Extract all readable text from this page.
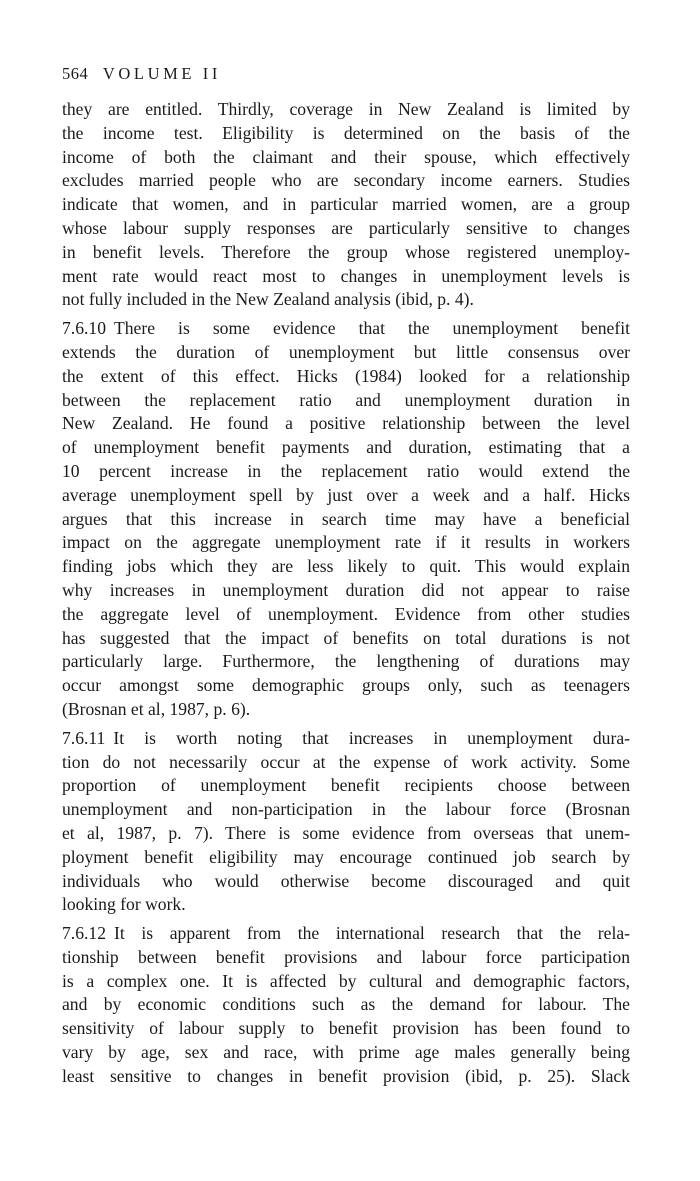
564 VOLUME II
they are entitled. Thirdly, coverage in New Zealand is limited by
the income test. Eligibility is determined on the basis of the
income of both the claimant and their spouse, which effectively
excludes married people who are secondary income earners. Studies
indicate that women, and in particular married women, are a group
whose labour supply responses are particularly sensitive to changes
in benefit levels. Therefore the group whose registered unemploy-
ment rate would react most to changes in unemployment levels is
not fully included in the New Zealand analysis (ibid, p. 4).
7.6.10 There is some evidence that the unemployment benefit
extends the duration of unemployment but little consensus over
the extent of this effect. Hicks (1984) looked for a relationship
between the replacement ratio and unemployment duration in
New Zealand. He found a positive relationship between the level
of unemployment benefit payments and duration, estimating that a
10 percent increase in the replacement ratio would extend the
average unemployment spell by just over a week and a half. Hicks
argues that this increase in search time may have a beneficial
impact on the aggregate unemployment rate if it results in workers
finding jobs which they are less likely to quit. This would explain
why increases in unemployment duration did not appear to raise
the aggregate level of unemployment. Evidence from other studies
has suggested that the impact of benefits on total durations is not
particularly large. Furthermore, the lengthening of durations may
occur amongst some demographic groups only, such as teenagers
(Brosnan et al, 1987, p. 6).
7.6.11 It is worth noting that increases in unemployment dura-
tion do not necessarily occur at the expense of work activity. Some
proportion of unemployment benefit recipients choose between
unemployment and non-participation in the labour force (Brosnan
et al, 1987, p. 7). There is some evidence from overseas that unem-
ployment benefit eligibility may encourage continued job search by
individuals who would otherwise become discouraged and quit
looking for work.
7.6.12 It is apparent from the international research that the rela-
tionship between benefit provisions and labour force participation
is a complex one. It is affected by cultural and demographic factors,
and by economic conditions such as the demand for labour. The
sensitivity of labour supply to benefit provision has been found to
vary by age, sex and race, with prime age males generally being
least sensitive to changes in benefit provision (ibid, p. 25). Slack
